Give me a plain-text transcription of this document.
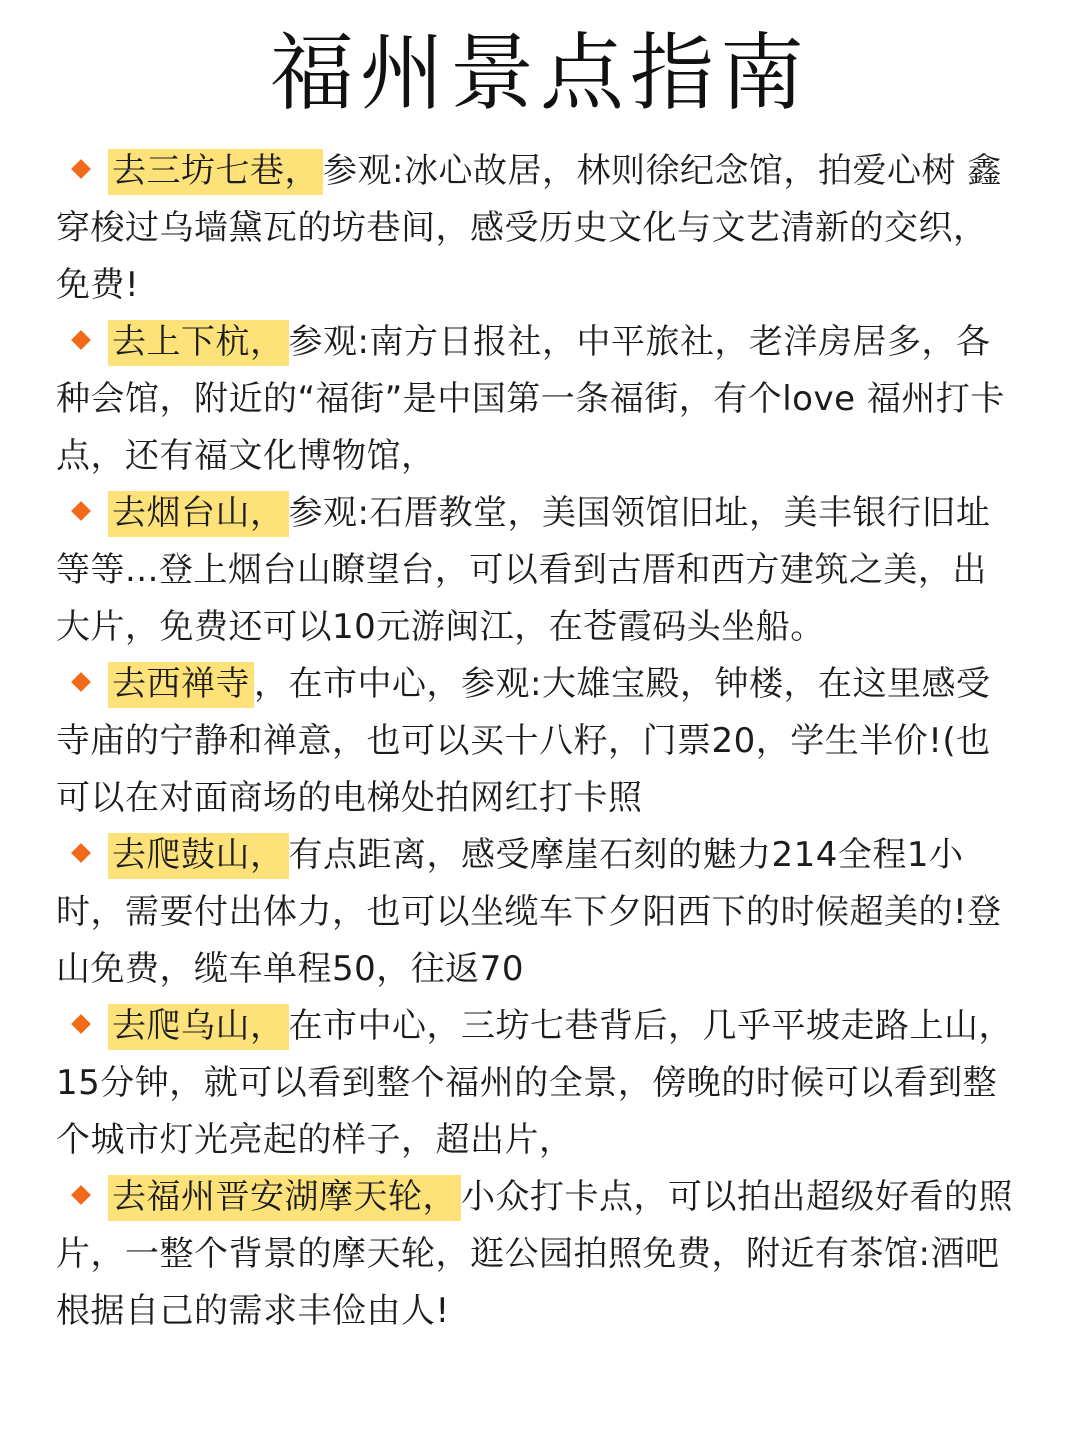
福州景点指南

去三坊七巷， 参观:冰心故居，林则徐纪念馆，拍爱心树 鑫穿梭过乌墙黛瓦的坊巷间，感受历史文化与文艺清新的交织，免费!

去上下杭， 参观:南方日报社，中平旅社，老洋房居多，各种会馆，附近的“福街”是中国第一条福街，有个love 福州打卡点，还有福文化博物馆，

去烟台山， 参观:石厝教堂，美国领馆旧址，美丰银行旧址等等...登上烟台山瞭望台，可以看到古厝和西方建筑之美，出大片，免费还可以10元游闽江，在苍霞码头坐船。

去西禅寺 ，在市中心，参观:大雄宝殿，钟楼，在这里感受寺庙的宁静和禅意，也可以买十八籽，门票20，学生半价!(也可以在对面商场的电梯处拍网红打卡照

去爬鼓山， 有点距离，感受摩崖石刻的魅力214全程1小时，需要付出体力，也可以坐缆车下夕阳西下的时候超美的!登山免费，缆车单程50，往返70

去爬乌山， 在市中心，三坊七巷背后，几乎平坡走路上山，15分钟，就可以看到整个福州的全景，傍晚的时候可以看到整个城市灯光亮起的样子，超出片，

去福州晋安湖摩天轮， 小众打卡点，可以拍出超级好看的照片，一整个背景的摩天轮，逛公园拍照免费，附近有茶馆:酒吧根据自己的需求丰俭由人!
